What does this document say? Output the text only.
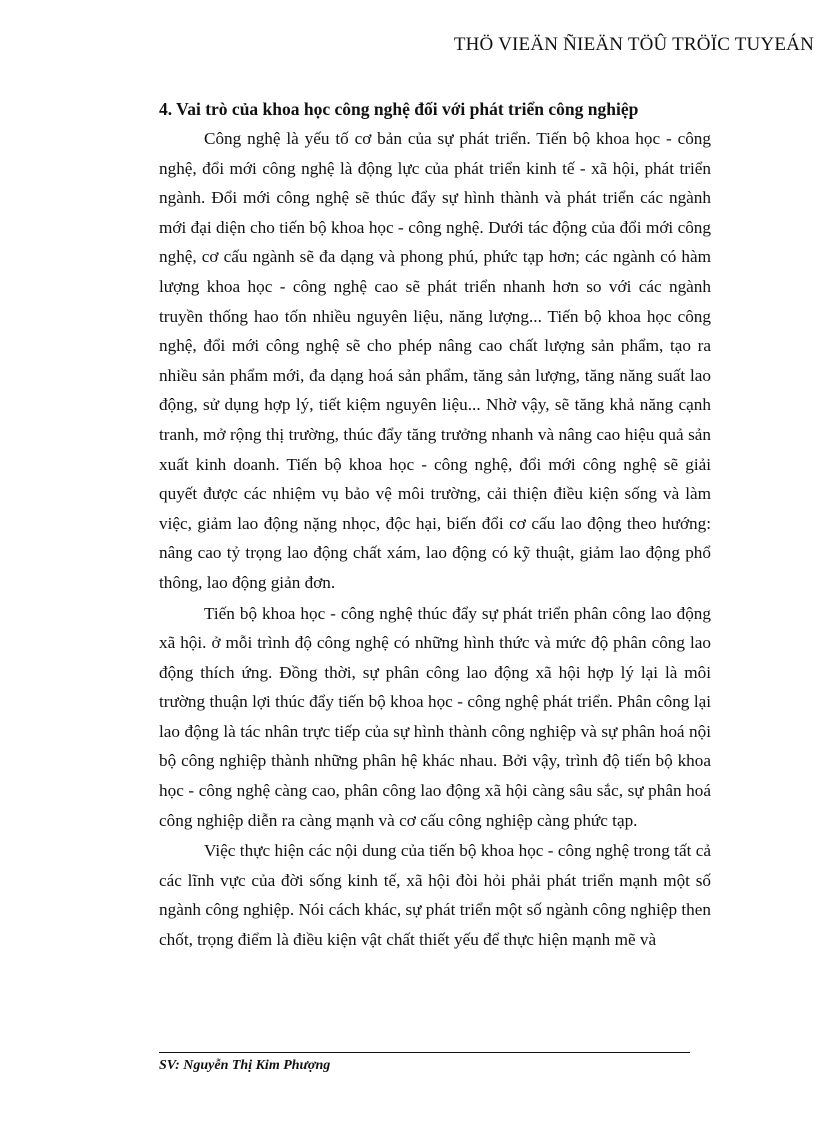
THÖ VIEÄN ÑIEÄN TÖÛ TRÖÏC TUYEÁN
4. Vai trò của khoa học công nghệ đối với phát triển công nghiệp

Công nghệ là yếu tố cơ bản của sự phát triển. Tiến bộ khoa học - công nghệ, đổi mới công nghệ là động lực của phát triển kinh tế - xã hội, phát triển ngành. Đổi mới công nghệ sẽ thúc đẩy sự hình thành và phát triển các ngành mới đại diện cho tiến bộ khoa học - công nghệ. Dưới tác động của đổi mới công nghệ, cơ cấu ngành sẽ đa dạng và phong phú, phức tạp hơn; các ngành có hàm lượng khoa học - công nghệ cao sẽ phát triển nhanh hơn so với các ngành truyền thống hao tốn nhiều nguyên liệu, năng lượng... Tiến bộ khoa học công nghệ, đổi mới công nghệ sẽ cho phép nâng cao chất lượng sản phẩm, tạo ra nhiều sản phẩm mới, đa dạng hoá sản phẩm, tăng sản lượng, tăng năng suất lao động, sử dụng hợp lý, tiết kiệm nguyên liệu... Nhờ vậy, sẽ tăng khả năng cạnh tranh, mở rộng thị trường, thúc đẩy tăng trưởng nhanh và nâng cao hiệu quả sản xuất kinh doanh. Tiến bộ khoa học - công nghệ, đổi mới công nghệ sẽ giải quyết được các nhiệm vụ bảo vệ môi trường, cải thiện điều kiện sống và làm việc, giảm lao động nặng nhọc, độc hại, biến đổi cơ cấu lao động theo hướng: nâng cao tỷ trọng lao động chất xám, lao động có kỹ thuật, giảm lao động phổ thông, lao động giản đơn.

Tiến bộ khoa học - công nghệ thúc đẩy sự phát triển phân công lao động xã hội. ở mỗi trình độ công nghệ có những hình thức và mức độ phân công lao động thích ứng. Đồng thời, sự phân công lao động xã hội hợp lý lại là môi trường thuận lợi thúc đẩy tiến bộ khoa học - công nghệ phát triển. Phân công lại lao động là tác nhân trực tiếp của sự hình thành công nghiệp và sự phân hoá nội bộ công nghiệp thành những phân hệ khác nhau. Bởi vậy, trình độ tiến bộ khoa học - công nghệ càng cao, phân công lao động xã hội càng sâu sắc, sự phân hoá công nghiệp diễn ra càng mạnh và cơ cấu công nghiệp càng phức tạp.

Việc thực hiện các nội dung của tiến bộ khoa học - công nghệ trong tất cả các lĩnh vực của đời sống kinh tế, xã hội đòi hỏi phải phát triển mạnh một số ngành công nghiệp. Nói cách khác, sự phát triển một số ngành công nghiệp then chốt, trọng điểm là điều kiện vật chất thiết yếu để thực hiện mạnh mẽ và

SV: Nguyễn Thị Kim Phượng
